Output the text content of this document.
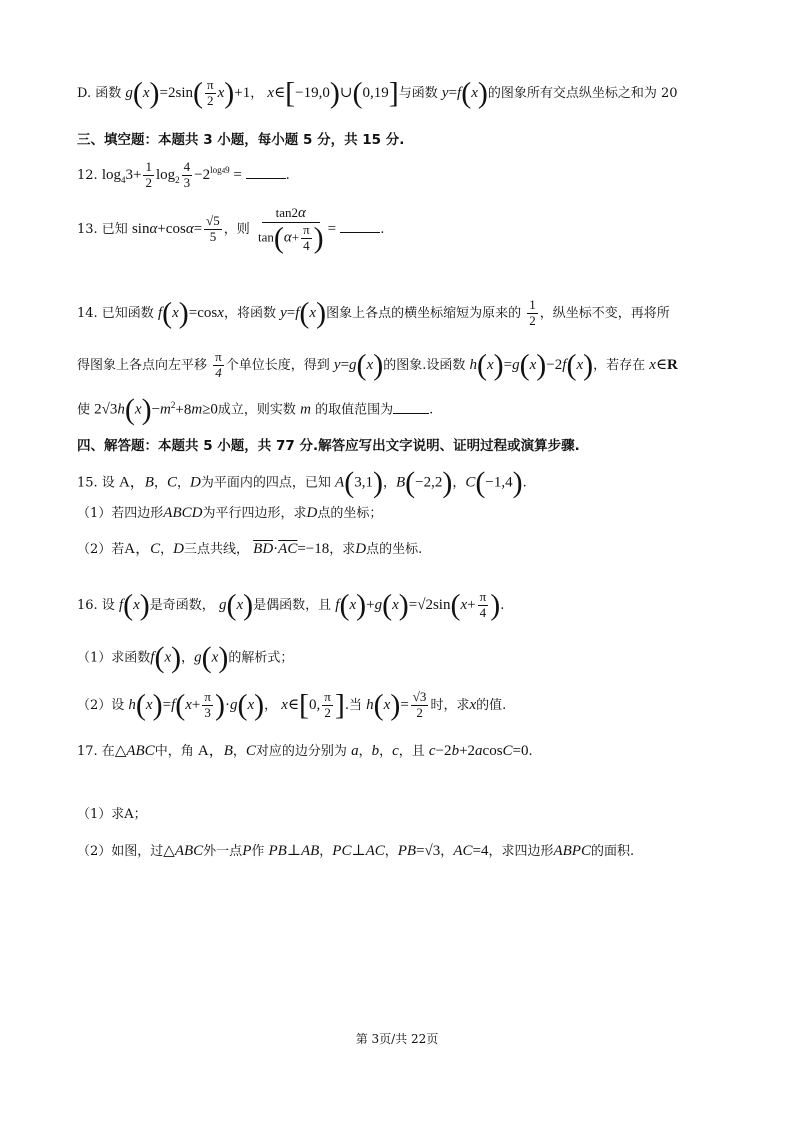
D. 函数 $g(x)=2\sin( \frac{\pi}{2} x)+1$， x∈[−19,0)∪(0,19]与函数 y=f(x)的图象所有交点纵坐标之和为 20
三、填空题：本题共 3 小题，每小题 5 分，共 15 分.
12. $\log_43+ \frac{1}{2} \log_2 \frac{4}{3} -2^{log49}$ =	.
13. 已知 $\sin\alpha+\cos\alpha= \frac{√5}{5}$ ，则 $\frac{\tan 2\alpha}{\tan(\alpha+ \frac{\pi}{4} )}$ =	.
14. 已知函数 f(x)=cosx，将函数 y=f(x)图象上各点的横坐标缩短为原来的 $\frac{1}{2}$ ，纵坐标不变，再将所
得图象上各点向左平移 $\frac{\pi}{4}$ 个单位长度，得到 y=g(x)的图象.设函数 h(x)=g(x)−2f(x)，若存在 x∈R
使 $2√3h(x)-m^2+8m\ge 0$成立，则实数 m 的取值范围为	.
四、解答题：本题共 5 小题，共 77 分.解答应写出文字说明、证明过程或演算步骤.
15. 设 A，B，C，D为平面内的四点，已知 A(3,1)，B(−2,2)，C(−1,4).
（1）若四边形ABCD为平行四边形，求D点的坐标；
（2）若A，C，D三点共线， $\overline{BD}\cdot\overline{AC}=-18$，求D点的坐标.
16. 设 f(x)是奇函数， g(x)是偶函数，且 $f(x)+g(x)=√2\sin(x+ \frac{\pi}{4}$ ).
（1）求函数f(x)，g(x)的解析式；
（2）设 $h(x)=f(x+ \frac{\pi}{3} )\cdot g(x)$， x∈[0, $\frac{\pi}{2}$ ].当 $h(x)= \frac{√3}{2}$ 时，求x的值.
17. 在△ABC中，角 A，B，C对应的边分别为 a，b，c，且 c−2b+2acosC=0.
（1）求A；
（2）如图，过△ABC外一点P作 PB⊥AB，PC⊥AC，PB=√3，AC=4，求四边形ABPC的面积.
第 3页/共 22页
